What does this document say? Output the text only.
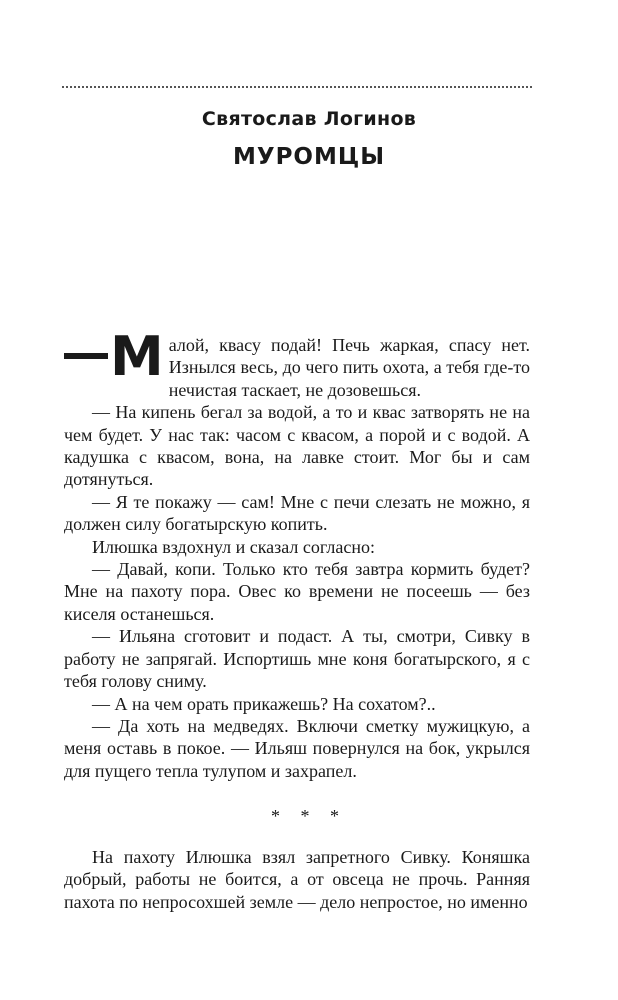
Святослав Логинов
МУРОМЦЫ

Малой, квасу подай! Печь жаркая, спасу нет. Изнылся весь, до чего пить охота, а тебя где-то нечистая таскает, не дозовешься.

— На кипень бегал за водой, а то и квас затворять не на чем будет. У нас так: часом с квасом, а порой и с водой. А кадушка с квасом, вона, на лавке стоит. Мог бы и сам дотянуться.

— Я те покажу — сам! Мне с печи слезать не можно, я должен силу богатырскую копить.

Илюшка вздохнул и сказал согласно:

— Давай, копи. Только кто тебя завтра кормить будет? Мне на пахоту пора. Овес ко времени не посеешь — без киселя останешься.

— Ильяна сготовит и подаст. А ты, смотри, Сивку в работу не запрягай. Испортишь мне коня богатырского, я с тебя голову сниму.

— А на чем орать прикажешь? На сохатом?..

— Да хоть на медведях. Включи сметку мужицкую, а меня оставь в покое. — Ильяш повернулся на бок, укрылся для пущего тепла тулупом и захрапел.

* * *

На пахоту Илюшка взял запретного Сивку. Коняшка добрый, работы не боится, а от овсеца не прочь. Ранняя пахота по непросохшей земле — дело непростое, но именно
